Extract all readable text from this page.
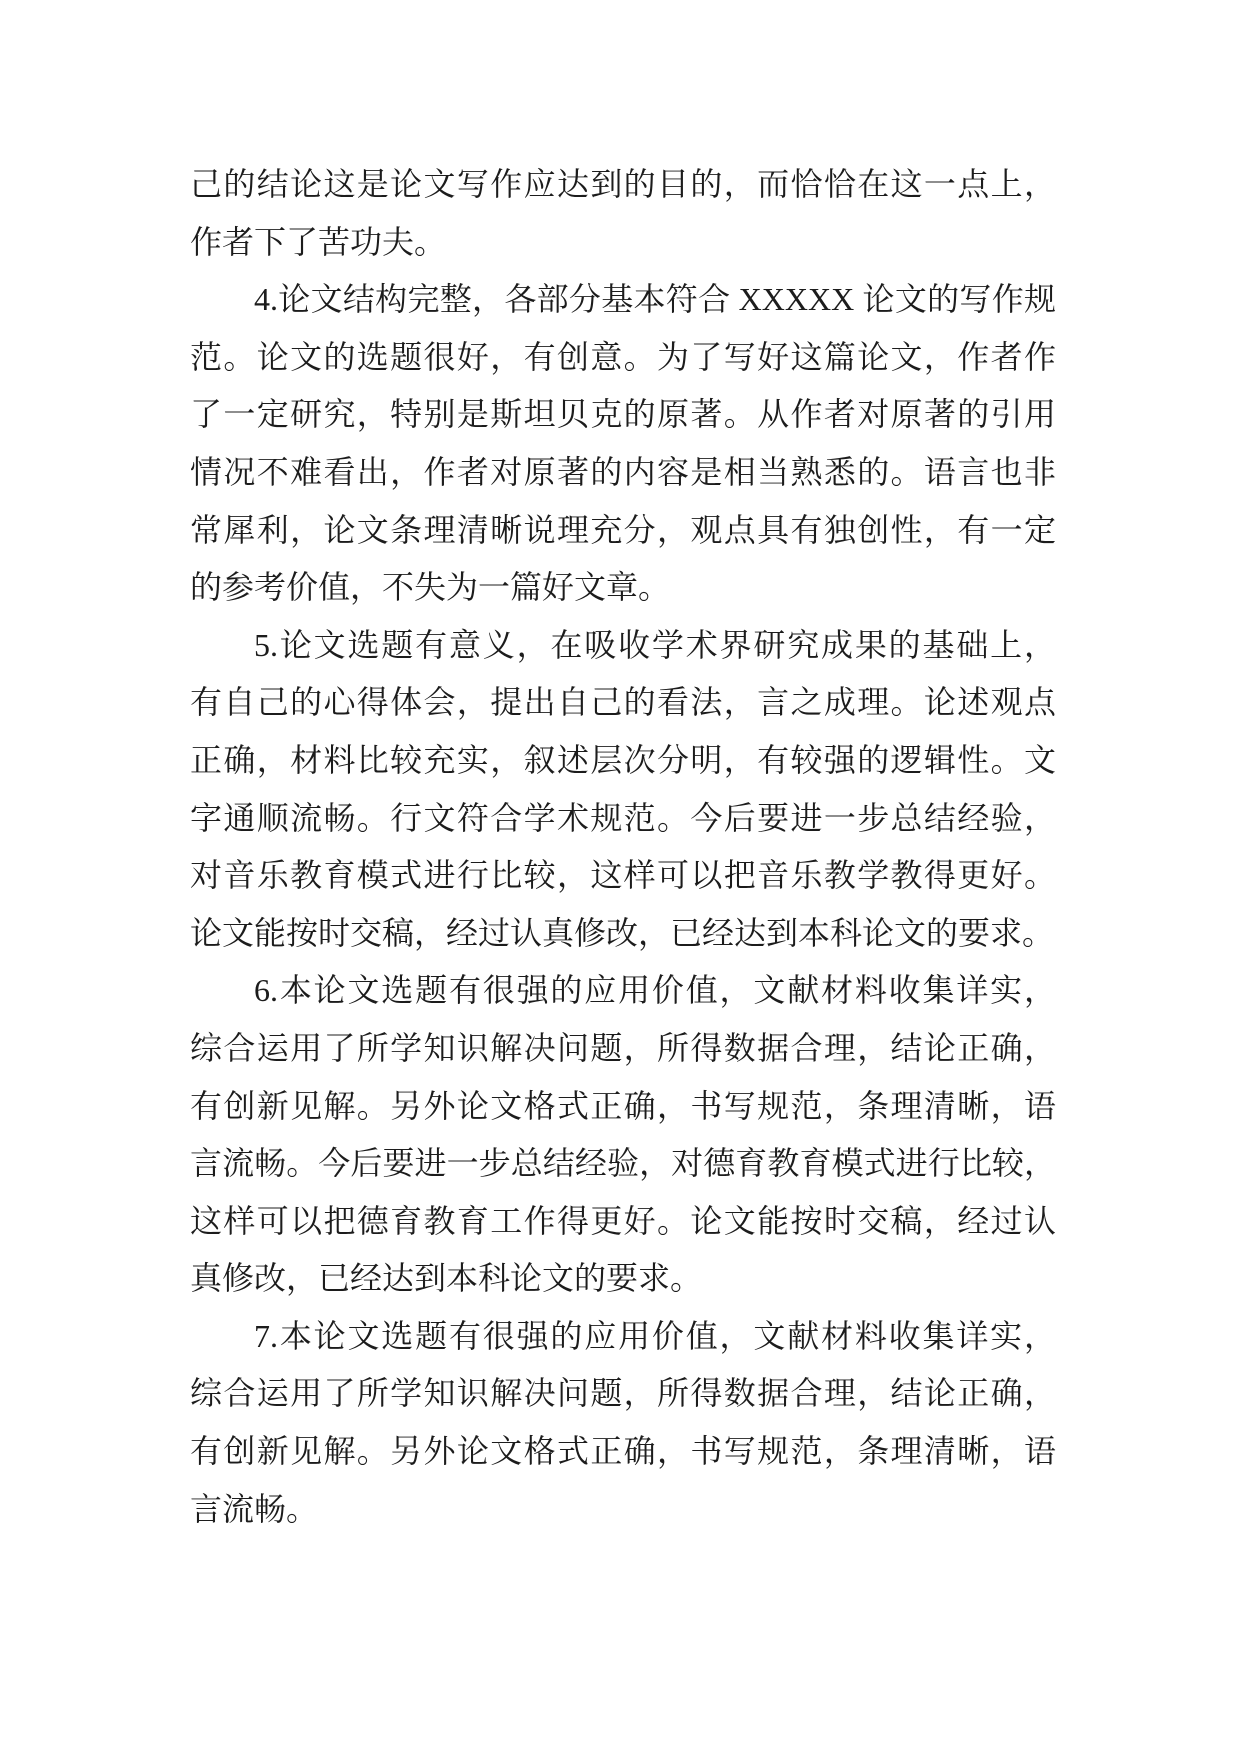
己的结论这是论文写作应达到的目的，而恰恰在这一点上，
作者下了苦功夫。
4.论文结构完整，各部分基本符合 XXXXX 论文的写作规
范。论文的选题很好，有创意。为了写好这篇论文，作者作
了一定研究，特别是斯坦贝克的原著。从作者对原著的引用
情况不难看出，作者对原著的内容是相当熟悉的。语言也非
常犀利，论文条理清晰说理充分，观点具有独创性，有一定
的参考价值，不失为一篇好文章。
5.论文选题有意义，在吸收学术界研究成果的基础上，
有自己的心得体会，提出自己的看法，言之成理。论述观点
正确，材料比较充实，叙述层次分明，有较强的逻辑性。文
字通顺流畅。行文符合学术规范。今后要进一步总结经验，
对音乐教育模式进行比较，这样可以把音乐教学教得更好。
论文能按时交稿，经过认真修改，已经达到本科论文的要求。
6.本论文选题有很强的应用价值，文献材料收集详实，
综合运用了所学知识解决问题，所得数据合理，结论正确，
有创新见解。另外论文格式正确，书写规范，条理清晰，语
言流畅。今后要进一步总结经验，对德育教育模式进行比较，
这样可以把德育教育工作得更好。论文能按时交稿，经过认
真修改，已经达到本科论文的要求。
7.本论文选题有很强的应用价值，文献材料收集详实，
综合运用了所学知识解决问题，所得数据合理，结论正确，
有创新见解。另外论文格式正确，书写规范，条理清晰，语
言流畅。
